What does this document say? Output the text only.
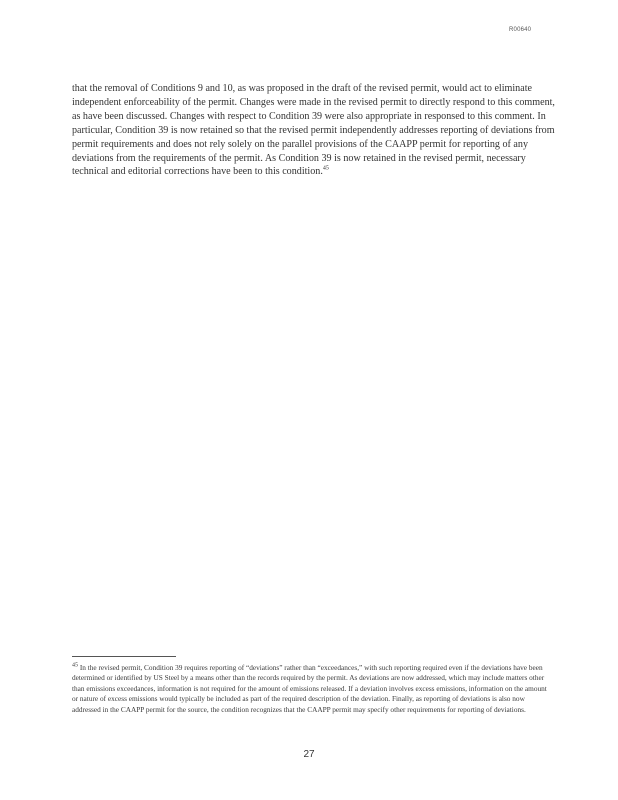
R00640

that the removal of Conditions 9 and 10, as was proposed in the draft of the revised permit, would act to eliminate independent enforceability of the permit. Changes were made in the revised permit to directly respond to this comment, as have been discussed. Changes with respect to Condition 39 were also appropriate in responsed to this comment. In particular, Condition 39 is now retained so that the revised permit independently addresses reporting of deviations from permit requirements and does not rely solely on the parallel provisions of the CAAPP permit for reporting of any deviations from the requirements of the permit. As Condition 39 is now retained in the revised permit, necessary technical and editorial corrections have been to this condition.$^{45}$

$^{45}$ In the revised permit, Condition 39 requires reporting of “deviations” rather than “exceedances,” with such reporting required even if the deviations have been determined or identified by US Steel by a means other than the records required by the permit. As deviations are now addressed, which may include matters other than emissions exceedances, information is not required for the amount of emissions released. If a deviation involves excess emissions, information on the amount or nature of excess emissions would typically be included as part of the required description of the deviation. Finally, as reporting of deviations is also now addressed in the CAAPP permit for the source, the condition recognizes that the CAAPP permit may specify other requirements for reporting of deviations.

27
